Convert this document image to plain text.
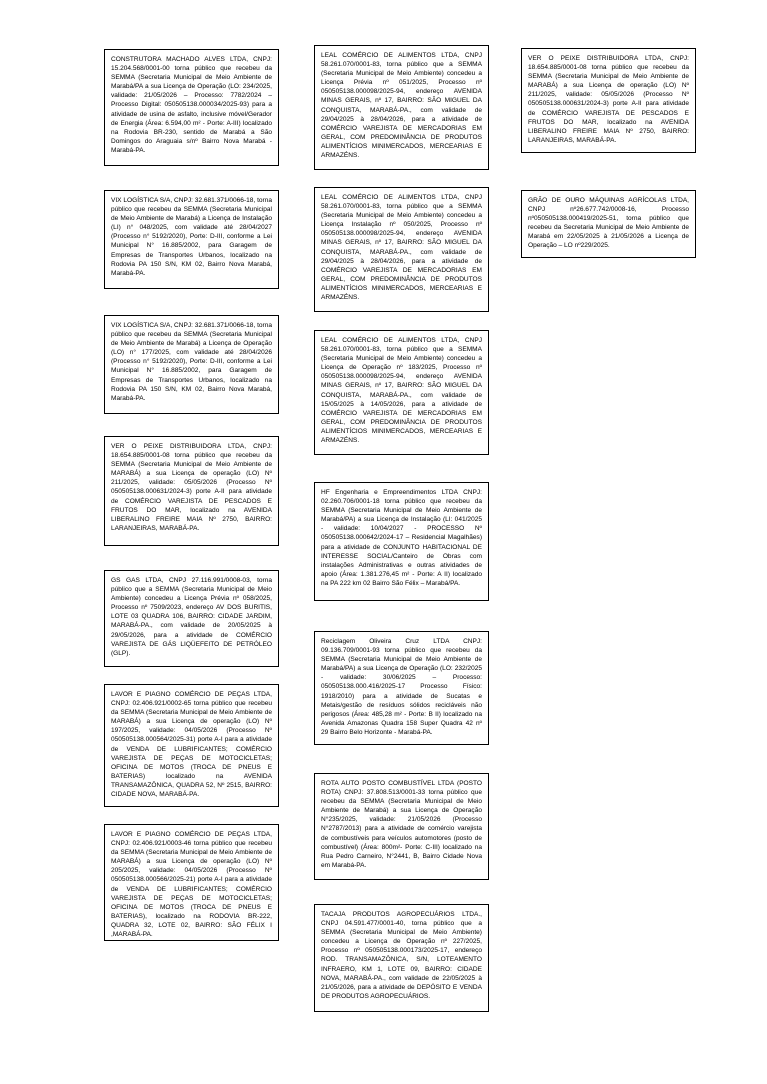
CONSTRUTORA MACHADO ALVES LTDA, CNPJ: 15.204.568/0001-00 torna público que recebeu da SEMMA (Secretaria Municipal de Meio Ambiente de Marabá/PA a sua Licença de Operação (LO: 234/2025, validade: 21/05/2026 – Processo: 7782/2024 – Processo Digital: 050505138.000034/2025-93) para a atividade de usina de asfalto, inclusive móvel/Gerador de Energia (Área: 6.594,00 m² - Porte: A-III) localizado na Rodovia BR-230, sentido de Marabá a São Domingos do Araguaia s/nº Bairro Nova Marabá - Marabá-PA.

VIX LOGÍSTICA S/A, CNPJ: 32.681.371/0066-18, torna público que recebeu da SEMMA (Secretaria Municipal de Meio Ambiente de Marabá) a Licença de Instalação (LI) n° 048/2025, com validade até 28/04/2027 (Processo n° 5192/2020), Porte: D-III, conforme a Lei Municipal N° 16.885/2002, para Garagem de Empresas de Transportes Urbanos, localizado na Rodovia PA 150 S/N, KM 02, Bairro Nova Marabá, Marabá-PA.

VIX LOGÍSTICA S/A, CNPJ: 32.681.371/0066-18, torna público que recebeu da SEMMA (Secretaria Municipal de Meio Ambiente de Marabá) a Licença de Operação (LO) n° 177/2025, com validade até 28/04/2026 (Processo n° 5192/2020), Porte: D-III, conforme a Lei Municipal N° 16.885/2002, para Garagem de Empresas de Transportes Urbanos, localizado na Rodovia PA 150 S/N, KM 02, Bairro Nova Marabá, Marabá-PA.

VER O PEIXE DISTRIBUIDORA LTDA, CNPJ: 18.654.885/0001-08 torna público que recebeu da SEMMA (Secretaria Municipal de Meio Ambiente de MARABÁ) a sua Licença de operação (LO) Nº 211/2025, validade: 05/05/2026 (Processo Nº 050505138.000631/2024-3) porte A-II para atividade de COMÉRCIO VAREJISTA DE PESCADOS E FRUTOS DO MAR, localizado na AVENIDA LIBERALINO FREIRE MAIA Nº 2750, BAIRRO: LARANJEIRAS, MARABÁ-PA.

GS GAS LTDA, CNPJ 27.116.991/0008-03, torna público que a SEMMA (Secretaria Municipal de Meio Ambiente) concedeu a Licença Prévia nº 058/2025, Processo nº 7509/2023, endereço AV DOS BURITIS, LOTE 03 QUADRA 106, BAIRRO: CIDADE JARDIM, MARABÁ-PA., com validade de 20/05/2025 à 29/05/2026, para a atividade de COMÉRCIO VAREJISTA DE GÁS LIQÜEFEITO DE PETRÓLEO (GLP).

LAVOR E PIAGNO COMÉRCIO DE PEÇAS LTDA, CNPJ: 02.406.921/0002-65 torna público que recebeu da SEMMA (Secretaria Municipal de Meio Ambiente de MARABÁ) a sua Licença de operação (LO) Nº 197/2025, validade: 04/05/2026 (Processo Nº 050505138.000564/2025-31) porte A-I para a atividade de VENDA DE LUBRIFICANTES; COMÉRCIO VAREJISTA DE PEÇAS DE MOTOCICLETAS; OFICINA DE MOTOS (TROCA DE PNEUS E BATERIAS) localizado na AVENIDA TRANSAMAZÔNICA, QUADRA 52, Nº 2515, BAIRRO: CIDADE NOVA, MARABÁ-PA.

LAVOR E PIAGNO COMÉRCIO DE PEÇAS LTDA, CNPJ: 02.406.921/0003-46 torna público que recebeu da SEMMA (Secretaria Municipal de Meio Ambiente de MARABÁ) a sua Licença de operação (LO) Nº 205/2025, validade: 04/05/2026 (Processo Nº 050505138.000566/2025-21) porte A-I para a atividade de VENDA DE LUBRIFICANTES; COMÉRCIO VAREJISTA DE PEÇAS DE MOTOCICLETAS; OFICINA DE MOTOS (TROCA DE PNEUS E BATERIAS), localizado na RODOVIA BR-222, QUADRA 32, LOTE 02, BAIRRO: SÃO FÉLIX I ,MARABÁ-PA.

LEAL COMÉRCIO DE ALIMENTOS LTDA, CNPJ 58.261.070/0001-83, torna público que a SEMMA (Secretaria Municipal de Meio Ambiente) concedeu a Licença Prévia nº 051/2025, Processo nº 050505138.000098/2025-94, endereço AVENIDA MINAS GERAIS, nº 17, BAIRRO: SÃO MIGUEL DA CONQUISTA, MARABÁ-PA., com validade de 29/04/2025 à 28/04/2026, para a atividade de COMÉRCIO VAREJISTA DE MERCADORIAS EM GERAL, COM PREDOMINÂNCIA DE PRODUTOS ALIMENTÍCIOS MINIMERCADOS, MERCEARIAS E ARMAZÉNS.

LEAL COMÉRCIO DE ALIMENTOS LTDA, CNPJ 58.261.070/0001-83, torna público que a SEMMA (Secretaria Municipal de Meio Ambiente) concedeu a Licença Instalação nº 050/2025, Processo nº 050505138.000098/2025-94, endereço AVENIDA MINAS GERAIS, nº 17, BAIRRO: SÃO MIGUEL DA CONQUISTA, MARABÁ-PA., com validade de 29/04/2025 à 28/04/2026, para a atividade de COMÉRCIO VAREJISTA DE MERCADORIAS EM GERAL, COM PREDOMINÂNCIA DE PRODUTOS ALIMENTÍCIOS MINIMERCADOS, MERCEARIAS E ARMAZÉNS.

LEAL COMÉRCIO DE ALIMENTOS LTDA, CNPJ 58.261.070/0001-83, torna público que a SEMMA (Secretaria Municipal de Meio Ambiente) concedeu a Licença de Operação nº 183/2025, Processo nº 050505138.000098/2025-94, endereço AVENIDA MINAS GERAIS, nº 17, BAIRRO: SÃO MIGUEL DA CONQUISTA, MARABÁ-PA., com validade de 15/05/2025 à 14/05/2026, para a atividade de COMÉRCIO VAREJISTA DE MERCADORIAS EM GERAL, COM PREDOMINÂNCIA DE PRODUTOS ALIMENTÍCIOS MINIMERCADOS, MERCEARIAS E ARMAZÉNS.

HF Engenharia e Empreendimentos LTDA CNPJ: 02.260.706/0001-18 torna público que recebeu da SEMMA (Secretaria Municipal de Meio Ambiente de Marabá/PA) a sua Licença de Instalação (LI: 041/2025 - validade: 10/04/2027 - PROCESSO Nº 050505138.000642/2024-17 – Residencial Magalhães) para a atividade de CONJUNTO HABITACIONAL DE INTERESSE SOCIAL/Canteiro de Obras com instalações Administrativas e outras atividades de apoio (Área: 1.381.276,45 m² - Porte: A II) localizado na PA 222 km 02 Bairro São Félix – Marabá/PA.

Reciclagem Oliveira Cruz LTDA CNPJ: 09.136.709/0001-93 torna público que recebeu da SEMMA (Secretaria Municipal de Meio Ambiente de Marabá/PA) a sua Licença de Operação (LO: 232/2025 - validade: 30/06/2025 – Processo: 050505138.000.416/2025-17 Processo Físico: 1918/2010) para a atividade de Sucatas e Metais/gestão de resíduos sólidos recicláveis não perigosos (Área: 485,28 m² - Porte: B II) localizado na Avenida Amazonas Quadra 158 Super Quadra 42 nº 29 Bairro Belo Horizonte - Marabá-PA.

ROTA AUTO POSTO COMBUSTÍVEL LTDA (POSTO ROTA) CNPJ: 37.808.513/0001-33 torna público que recebeu da SEMMA (Secretaria Municipal de Meio Ambiente de Marabá) a sua Licença de Operação N°235/2025, validade: 21/05/2026 (Processo N°2787/2013) para a atividade de comércio varejista de combustíveis para veículos automotores (posto de combustível) (Área: 800m²- Porte: C-III) localizado na Rua Pedro Carneiro, N°2441, B, Bairro Cidade Nova em Marabá-PA.

TACAJA PRODUTOS AGROPECUÁRIOS LTDA., CNPJ 04.591.477/0001-40, torna público que a SEMMA (Secretaria Municipal de Meio Ambiente) concedeu a Licença de Operação nº 227/2025, Processo nº 050505138.000173/2025-17, endereço ROD. TRANSAMAZÔNICA, S/N, LOTEAMENTO INFRAERO, KM 1, LOTE 09, BAIRRO: CIDADE NOVA, MARABÁ-PA., com validade de 22/05/2025 à 21/05/2026, para a atividade de DEPÓSITO E VENDA DE PRODUTOS AGROPECUÁRIOS.

VER O PEIXE DISTRIBUIDORA LTDA, CNPJ: 18.654.885/0001-08 torna público que recebeu da SEMMA (Secretaria Municipal de Meio Ambiente de MARABÁ) a sua Licença de operação (LO) Nº 211/2025, validade: 05/05/2026 (Processo Nº 050505138.000631/2024-3) porte A-II para atividade de COMÉRCIO VAREJISTA DE PESCADOS E FRUTOS DO MAR, localizado na AVENIDA LIBERALINO FREIRE MAIA Nº 2750, BAIRRO: LARANJEIRAS, MARABÁ-PA.

GRÃO DE OURO MÁQUINAS AGRÍCOLAS LTDA, CNPJ nº26.677.742/0008-16, Processo nº050505138.000419/2025-51, torna público que recebeu da Secretaria Municipal de Meio Ambiente de Marabá em 22/05/2025 à 21/05/2026 a Licença de Operação – LO nº229/2025.
